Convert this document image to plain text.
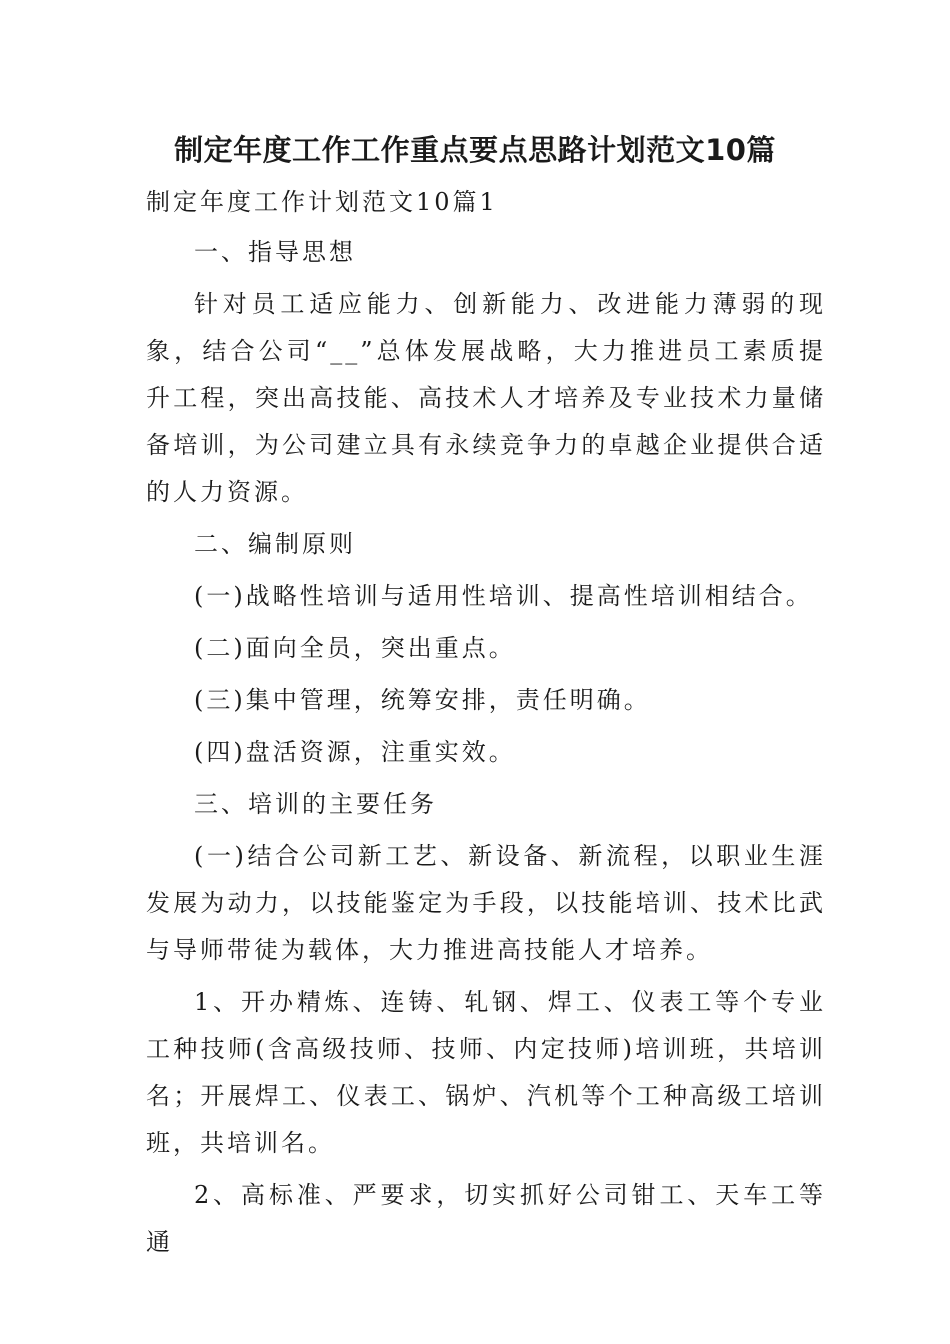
制定年度工作工作重点要点思路计划范文10篇

制定年度工作计划范文10篇1

一、指导思想

针对员工适应能力、创新能力、改进能力薄弱的现象，结合公司“__”总体发展战略，大力推进员工素质提升工程，突出高技能、高技术人才培养及专业技术力量储备培训，为公司建立具有永续竞争力的卓越企业提供合适的人力资源。

二、编制原则

(一)战略性培训与适用性培训、提高性培训相结合。

(二)面向全员，突出重点。

(三)集中管理，统筹安排，责任明确。

(四)盘活资源，注重实效。

三、培训的主要任务

(一)结合公司新工艺、新设备、新流程，以职业生涯发展为动力，以技能鉴定为手段，以技能培训、技术比武与导师带徒为载体，大力推进高技能人才培养。

1、开办精炼、连铸、轧钢、焊工、仪表工等个专业工种技师(含高级技师、技师、内定技师)培训班，共培训名；开展焊工、仪表工、锅炉、汽机等个工种高级工培训班，共培训名。

2、高标准、严要求，切实抓好公司钳工、天车工等通
